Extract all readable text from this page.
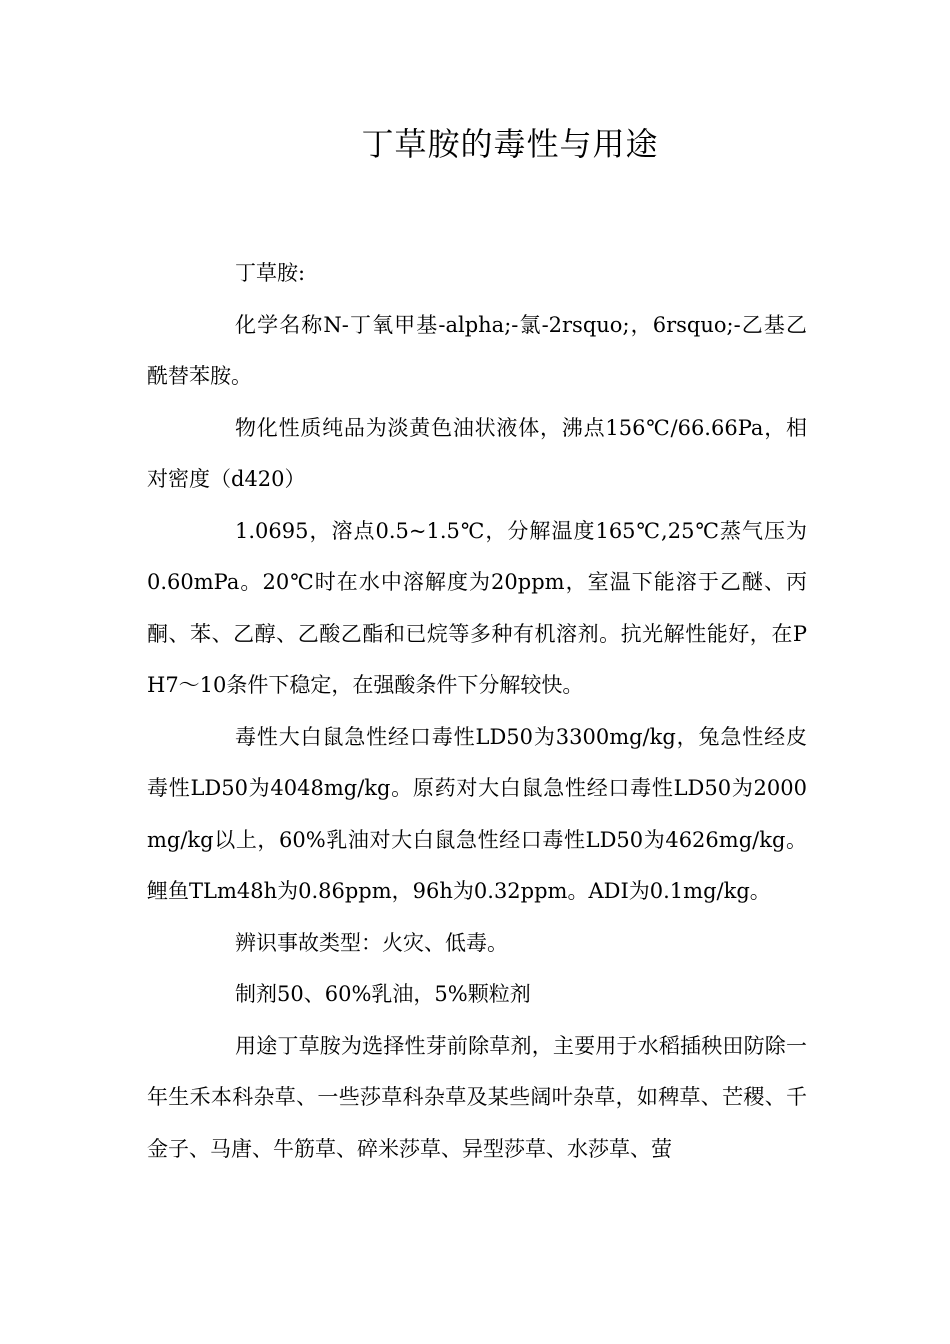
丁草胺的毒性与用途

丁草胺:

化学名称N-丁氧甲基-alpha;-氯-2rsquo;，6rsquo;-乙基乙酰替苯胺。

物化性质纯品为淡黄色油状液体，沸点156℃/66.66Pa，相对密度（d420）

1.0695，溶点0.5~1.5℃，分解温度165℃,25℃蒸气压为0.60mPa。20℃时在水中溶解度为20ppm，室温下能溶于乙醚、丙酮、苯、乙醇、乙酸乙酯和已烷等多种有机溶剂。抗光解性能好，在PH7～10条件下稳定，在强酸条件下分解较快。

毒性大白鼠急性经口毒性LD50为3300mg/kg，兔急性经皮毒性LD50为4048mg/kg。原药对大白鼠急性经口毒性LD50为2000mg/kg以上，60%乳油对大白鼠急性经口毒性LD50为4626mg/kg。鲤鱼TLm48h为0.86ppm，96h为0.32ppm。ADI为0.1mg/kg。

辨识事故类型：火灾、低毒。

制剂50、60%乳油，5%颗粒剂

用途丁草胺为选择性芽前除草剂，主要用于水稻插秧田防除一年生禾本科杂草、一些莎草科杂草及某些阔叶杂草，如稗草、芒稷、千金子、马唐、牛筋草、碎米莎草、异型莎草、水莎草、萤
